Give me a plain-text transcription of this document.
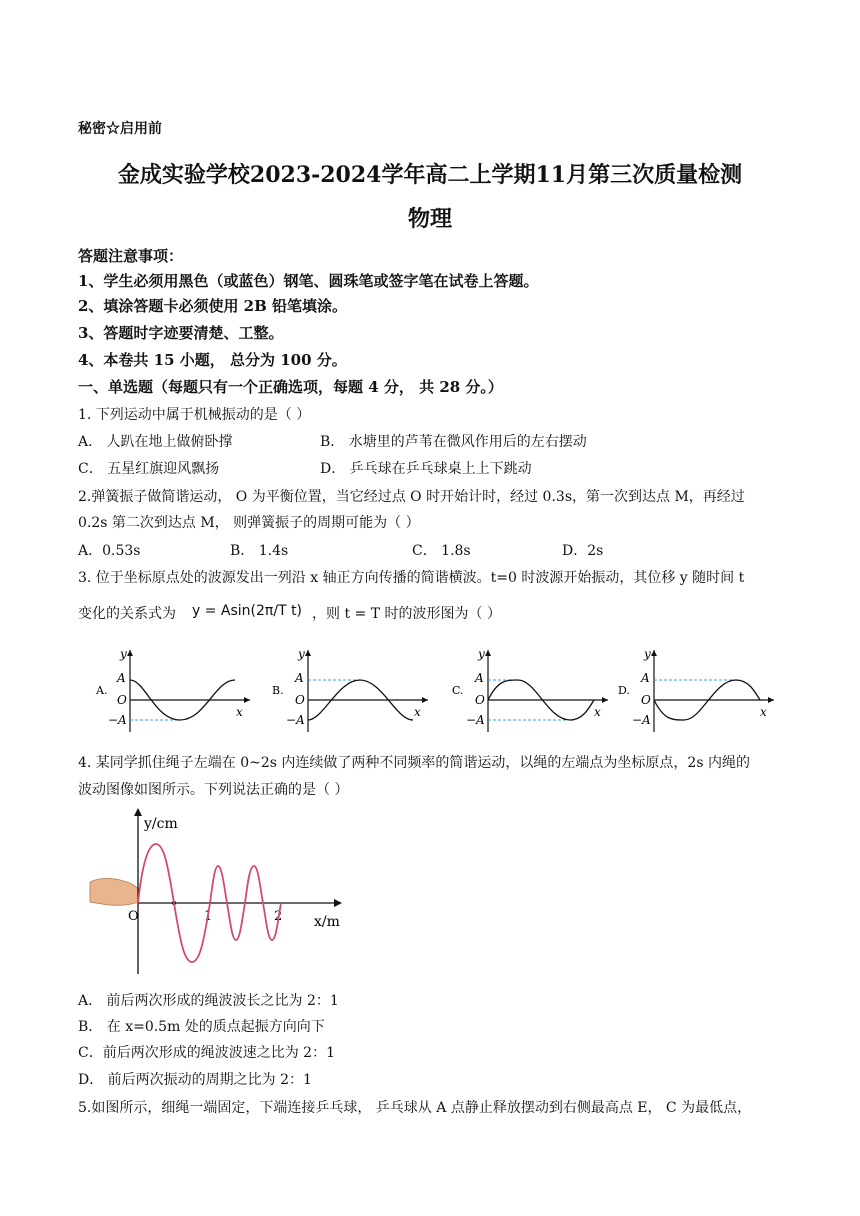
秘密☆启用前
金成实验学校2023-2024学年高二上学期11月第三次质量检测
物理
答题注意事项：
1、学生必须用黑色（或蓝色）钢笔、圆珠笔或签字笔在试卷上答题。
2、填涂答题卡必须使用 2B 铅笔填涂。
3、答题时字迹要清楚、工整。
4、本卷共 15 小题， 总分为 100 分。
一、单选题（每题只有一个正确选项，每题 4 分， 共 28 分。）
1. 下列运动中属于机械振动的是（ ）
A． 人趴在地上做俯卧撑	B． 水塘里的芦苇在微风作用后的左右摆动
C． 五星红旗迎风飘扬	D． 乒乓球在乒乓球桌上上下跳动
2.弹簧振子做简谐运动， O 为平衡位置，当它经过点 O 时开始计时，经过 0.3s，第一次到达点 M，再经过
0.2s 第二次到达点 M， 则弹簧振子的周期可能为（ ）
A．0.53s	B． 1.4s	C． 1.8s	D．2s
3. 位于坐标原点处的波源发出一列沿 x 轴正方向传播的简谐横波。t=0 时波源开始振动，其位移 y 随时间 t
变化的关系式为 y = Asin(2π/T t) ，则 t = T 时的波形图为（ ）
A.
y
x
A
O
−A
B.
y
x
A
O
−A
C.
y
x
A
O
−A
D.
y
x
A
O
−A
4. 某同学抓住绳子左端在 0~2s 内连续做了两种不同频率的简谐运动，以绳的左端点为坐标原点，2s 内绳的
波动图像如图所示。下列说法正确的是（ ）
y/cm
x/m
O	1	2
A． 前后两次形成的绳波波长之比为 2：1
B． 在 x=0.5m 处的质点起振方向向下
C．前后两次形成的绳波波速之比为 2：1
D． 前后两次振动的周期之比为 2：1
5.如图所示，细绳一端固定，下端连接乒乓球， 乒乓球从 A 点静止释放摆动到右侧最高点 E， C 为最低点，
